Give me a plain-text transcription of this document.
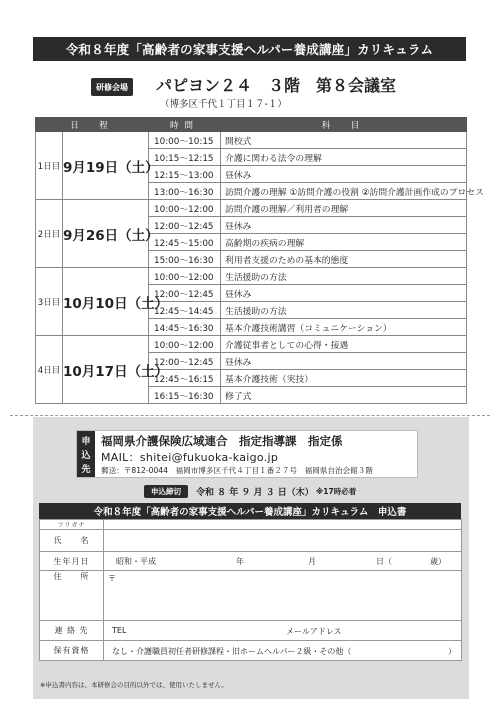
令和８年度「高齢者の家事支援ヘルパー養成講座」カリキュラム
研修会場	パピヨン２４　３階　第８会議室
（博多区千代１丁目１７-１）
日　程		時間	科　目
1日目	9月19日（土）	10:00〜10:15	開校式
		10:15〜12:15	介護に関わる法令の理解
		12:15〜13:00	昼休み
		13:00〜16:30	訪問介護の理解 ①訪問介護の役割 ②訪問介護計画作成のプロセス
2日目	9月26日（土）	10:00〜12:00	訪問介護の理解／利用者の理解
		12:00〜12:45	昼休み
		12:45〜15:00	高齢期の疾病の理解
		15:00〜16:30	利用者支援のための基本的態度
3日目	10月10日（土）	10:00〜12:00	生活援助の方法
		12:00〜12:45	昼休み
		12:45〜14:45	生活援助の方法
		14:45〜16:30	基本介護技術講習（コミュニケーション）
4日目	10月17日（土）	10:00〜12:00	介護従事者としての心得・接遇
		12:00〜12:45	昼休み
		12:45〜16:15	基本介護技術（実技）
		16:15〜16:30	修了式
申
込
先
福岡県介護保険広域連合　指定指導課　指定係
MAIL：shitei@fukuoka-kaigo.jp
郵送：〒812-0044　福岡市博多区千代４丁目１番２７号　福岡県自治会館３階
申込締切	令和 ８ 年 ９ 月 ３ 日（木） ※17時必着
令和８年度「高齢者の家事支援ヘルパー養成講座」カリキュラム　申込書
フリガナ	
氏　　名	
生年月日	昭和・平成 年 月 日（ 歳）

住　　所	〒

連 絡 先	TEL メールアドレス

保有資格	なし・介護職員初任者研修課程・旧ホームヘルパー２級・その他（ ）
※申込書内容は、本研修会の目的以外では、使用いたしません。
